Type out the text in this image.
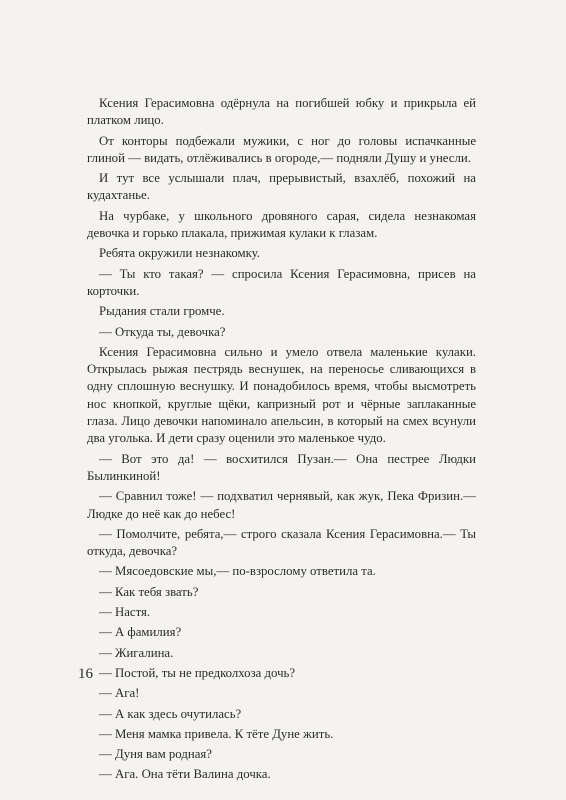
Ксения Герасимовна одёрнула на погибшей юбку и прикрыла ей платком лицо.

От конторы подбежали мужики, с ног до головы испачканные глиной — видать, отлёживались в огороде,— подняли Душу и унесли.

И тут все услышали плач, прерывистый, взахлёб, похожий на кудахтанье.

На чурбаке, у школьного дровяного сарая, сидела незнакомая девочка и горько плакала, прижимая кулаки к глазам.

Ребята окружили незнакомку.

— Ты кто такая? — спросила Ксения Герасимовна, присев на корточки.

Рыдания стали громче.

— Откуда ты, девочка?

Ксения Герасимовна сильно и умело отвела маленькие кулаки. Открылась рыжая пестрядь веснушек, на переносье сливающихся в одну сплошную веснушку. И понадобилось время, чтобы высмотреть нос кнопкой, круглые щёки, капризный рот и чёрные заплаканные глаза. Лицо девочки напоминало апельсин, в который на смех всунули два уголька. И дети сразу оценили это маленькое чудо.

— Вот это да! — восхитился Пузан.— Она пестрее Людки Былинкиной!

— Сравнил тоже! — подхватил чернявый, как жук, Пека Фризин.— Людке до неё как до небес!

— Помолчите, ребята,— строго сказала Ксения Герасимовна.— Ты откуда, девочка?

— Мясоедовские мы,— по-взрослому ответила та.

— Как тебя звать?

— Настя.

— А фамилия?

— Жигалина.

— Постой, ты не предколхоза дочь?

— Ага!

— А как здесь очутилась?

— Меня мамка привела. К тёте Дуне жить.

— Дуня вам родная?

— Ага. Она тёти Валина дочка.

16
